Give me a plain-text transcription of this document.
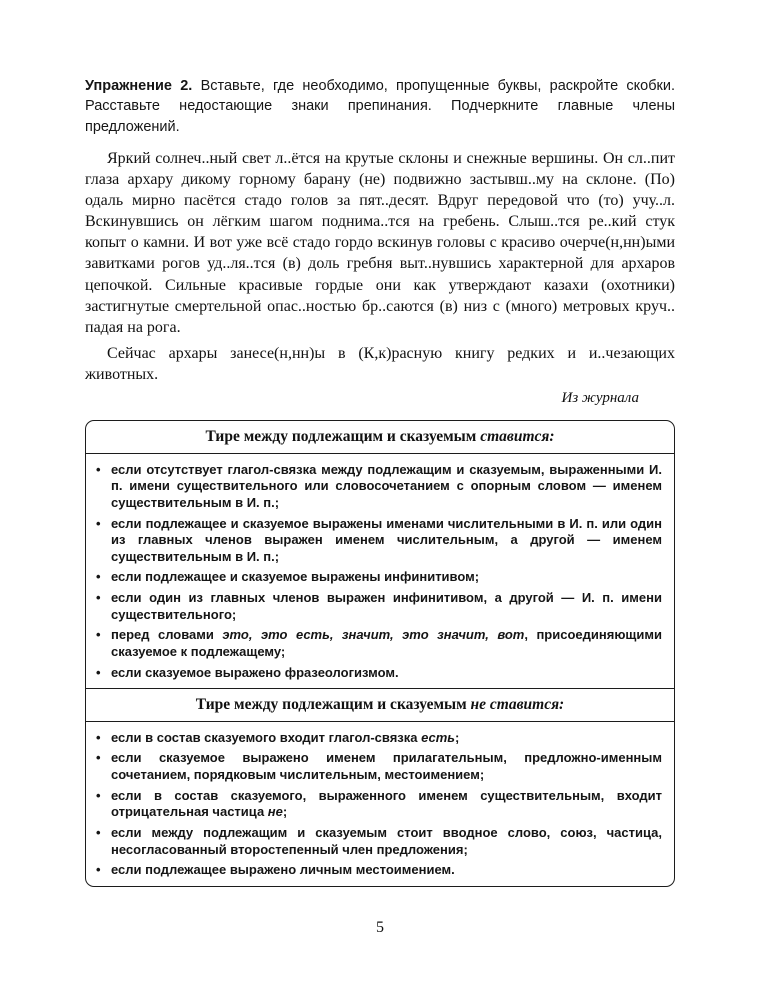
Упражнение 2. Вставьте, где необходимо, пропущенные буквы, раскройте скобки. Расставьте недостающие знаки препинания. Подчеркните главные члены предложений.

Яркий солнеч..ный свет л..ётся на крутые склоны и снежные вершины. Он сл..пит глаза архару дикому горному барану (не) подвижно застывш..му на склоне. (По) одаль мирно пасётся стадо голов за пят..десят. Вдруг передовой что (то) учу..л. Вскинувшись он лёгким шагом поднима..тся на гребень. Слыш..тся ре..кий стук копыт о камни. И вот уже всё стадо гордо вскинув головы с красиво очерче(н,нн)ыми завитками рогов уд..ля..тся (в) доль гребня выт..нувшись характерной для архаров цепочкой. Сильные красивые гордые они как утверждают казахи (охотники) застигнутые смертельной опас..ностью бр..саются (в) низ с (много) метровых круч.. падая на рога.

Сейчас архары занесе(н,нн)ы в (К,к)расную книгу редких и и..чезающих животных.

Из журнала
Тире между подлежащим и сказуемым ставится:
• если отсутствует глагол-связка между подлежащим и сказуемым, выраженными И. п. имени существительного или словосочетанием с опорным словом — именем существительным в И. п.;
• если подлежащее и сказуемое выражены именами числительными в И. п. или один из главных членов выражен именем числительным, а другой — именем существительным в И. п.;
• если подлежащее и сказуемое выражены инфинитивом;
• если один из главных членов выражен инфинитивом, а другой — И. п. имени существительного;
• перед словами это, это есть, значит, это значит, вот, присоединяющими сказуемое к подлежащему;
• если сказуемое выражено фразеологизмом.
Тире между подлежащим и сказуемым не ставится:
• если в состав сказуемого входит глагол-связка есть;
• если сказуемое выражено именем прилагательным, предложно-именным сочетанием, порядковым числительным, местоимением;
• если в состав сказуемого, выраженного именем существительным, входит отрицательная частица не;
• если между подлежащим и сказуемым стоит вводное слово, союз, частица, несогласованный второстепенный член предложения;
• если подлежащее выражено личным местоимением.
5
